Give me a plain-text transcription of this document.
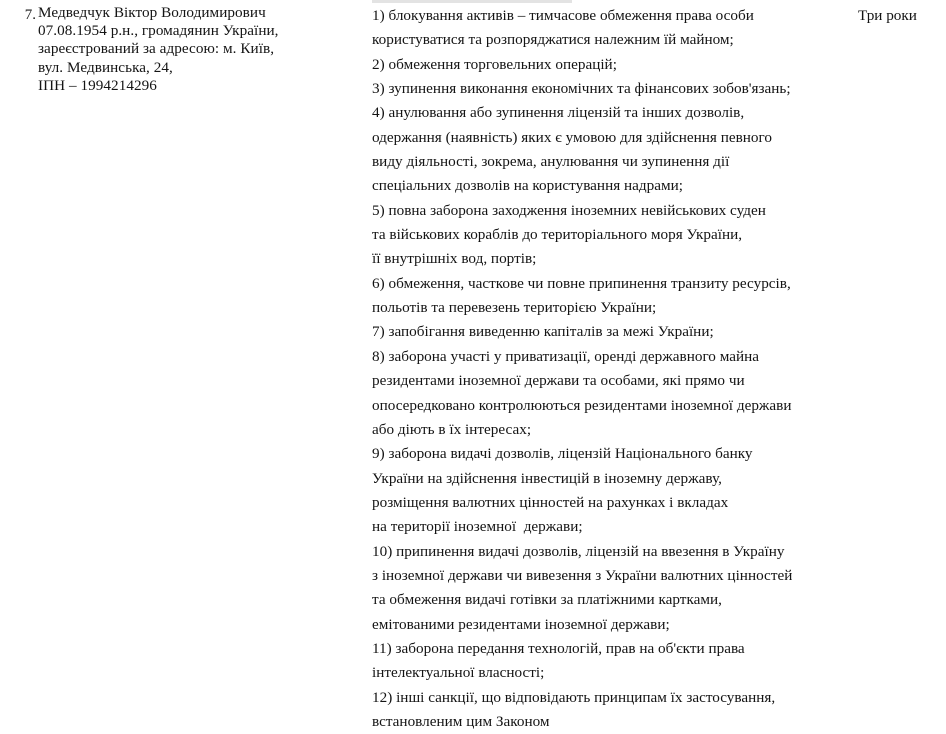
7. Медведчук Віктор Володимирович
07.08.1954 р.н., громадянин України,
зареєстрований за адресою: м. Київ,
вул. Медвинська, 24,
ІПН – 1994214296
1) блокування активів – тимчасове обмеження права особи
користуватися та розпоряджатися належним їй майном;
2) обмеження торговельних операцій;
3) зупинення виконання економічних та фінансових зобов'язань;
4) анулювання або зупинення ліцензій та інших дозволів,
одержання (наявність) яких є умовою для здійснення певного
виду діяльності, зокрема, анулювання чи зупинення дії
спеціальних дозволів на користування надрами;
5) повна заборона заходження іноземних невійськових суден
та військових кораблів до територіального моря України,
її внутрішніх вод, портів;
6) обмеження, часткове чи повне припинення транзиту ресурсів,
польотів та перевезень територією України;
7) запобігання виведенню капіталів за межі України;
8) заборона участі у приватизації, оренді державного майна
резидентами іноземної держави та особами, які прямо чи
опосередковано контролюються резидентами іноземної держави
або діють в їх інтересах;
9) заборона видачі дозволів, ліцензій Національного банку
України на здійснення інвестицій в іноземну державу,
розміщення валютних цінностей на рахунках і вкладах
на території іноземної  держави;
10) припинення видачі дозволів, ліцензій на ввезення в Україну
з іноземної держави чи вивезення з України валютних цінностей
та обмеження видачі готівки за платіжними картками,
емітованими резидентами іноземної держави;
11) заборона передання технологій, прав на об'єкти права
інтелектуальної власності;
12) інші санкції, що відповідають принципам їх застосування,
встановленим цим Законом
Три роки
